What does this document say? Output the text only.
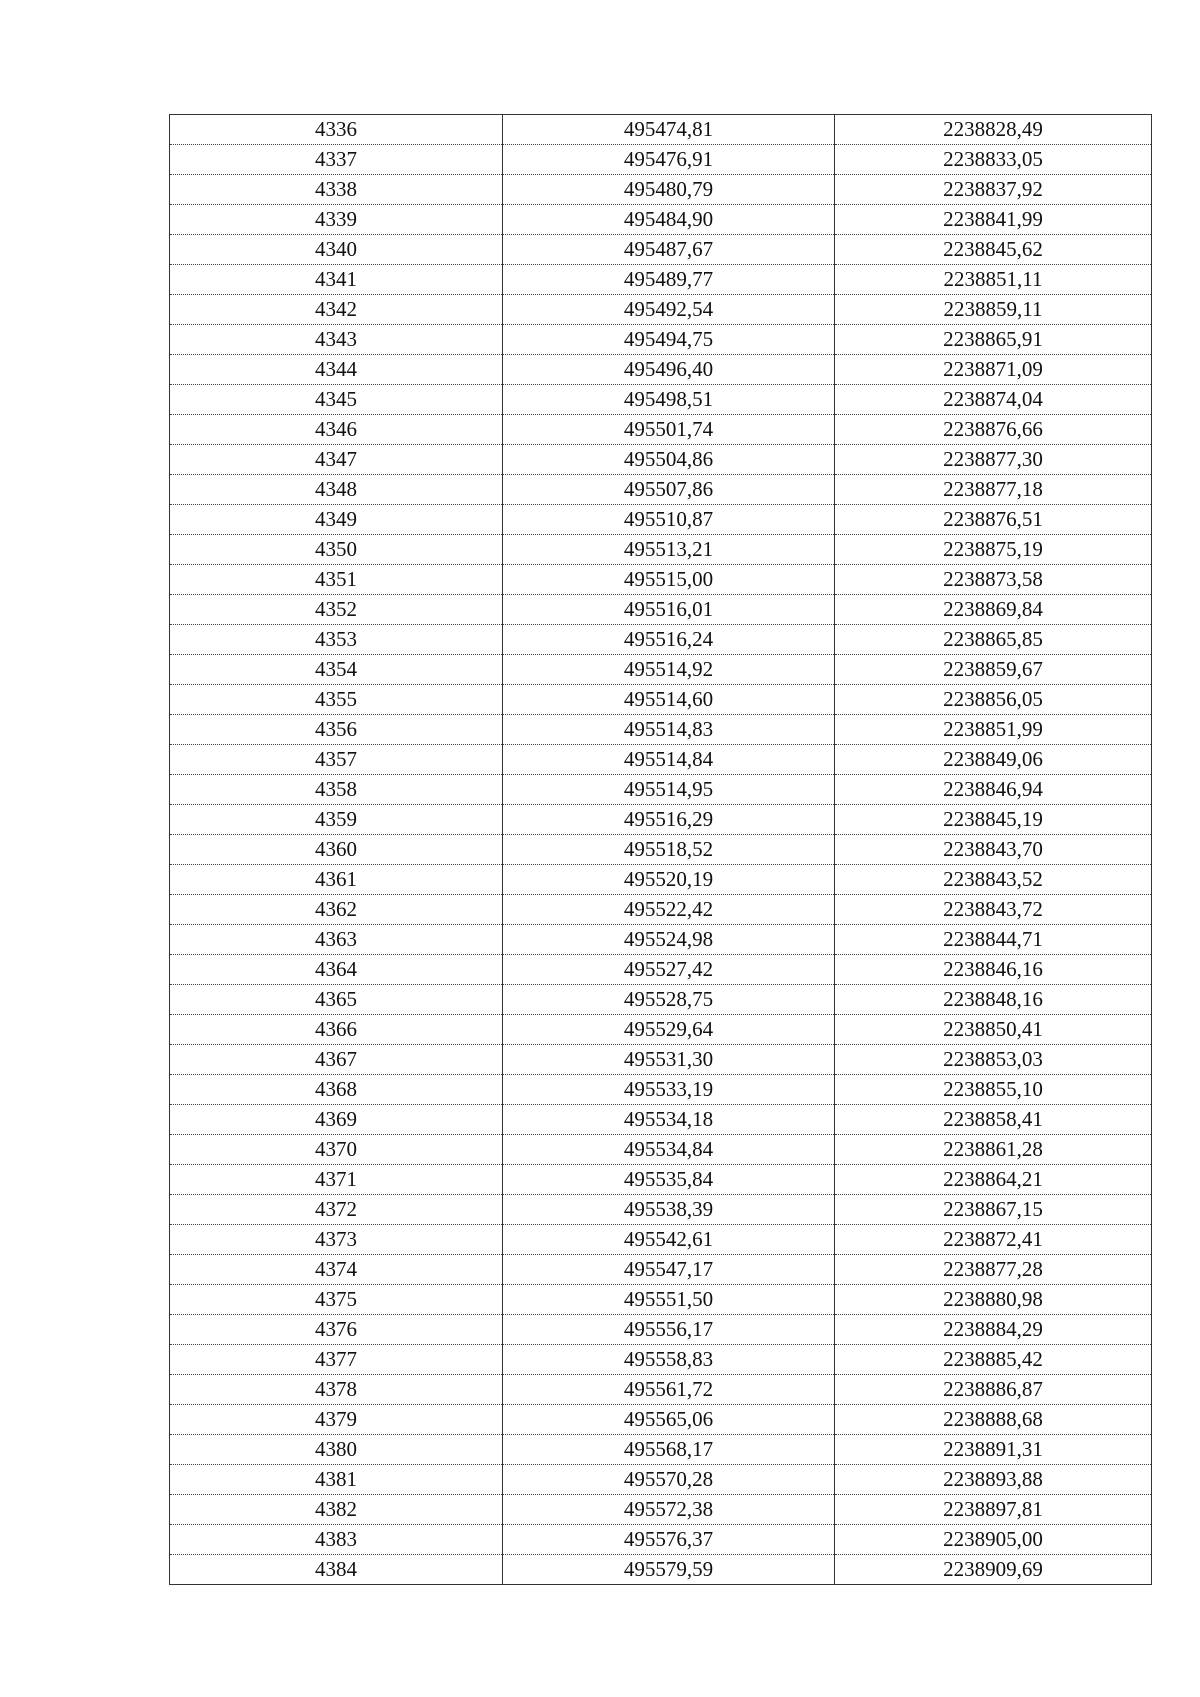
4336	495474,81	2238828,49
4337	495476,91	2238833,05
4338	495480,79	2238837,92
4339	495484,90	2238841,99
4340	495487,67	2238845,62
4341	495489,77	2238851,11
4342	495492,54	2238859,11
4343	495494,75	2238865,91
4344	495496,40	2238871,09
4345	495498,51	2238874,04
4346	495501,74	2238876,66
4347	495504,86	2238877,30
4348	495507,86	2238877,18
4349	495510,87	2238876,51
4350	495513,21	2238875,19
4351	495515,00	2238873,58
4352	495516,01	2238869,84
4353	495516,24	2238865,85
4354	495514,92	2238859,67
4355	495514,60	2238856,05
4356	495514,83	2238851,99
4357	495514,84	2238849,06
4358	495514,95	2238846,94
4359	495516,29	2238845,19
4360	495518,52	2238843,70
4361	495520,19	2238843,52
4362	495522,42	2238843,72
4363	495524,98	2238844,71
4364	495527,42	2238846,16
4365	495528,75	2238848,16
4366	495529,64	2238850,41
4367	495531,30	2238853,03
4368	495533,19	2238855,10
4369	495534,18	2238858,41
4370	495534,84	2238861,28
4371	495535,84	2238864,21
4372	495538,39	2238867,15
4373	495542,61	2238872,41
4374	495547,17	2238877,28
4375	495551,50	2238880,98
4376	495556,17	2238884,29
4377	495558,83	2238885,42
4378	495561,72	2238886,87
4379	495565,06	2238888,68
4380	495568,17	2238891,31
4381	495570,28	2238893,88
4382	495572,38	2238897,81
4383	495576,37	2238905,00
4384	495579,59	2238909,69
